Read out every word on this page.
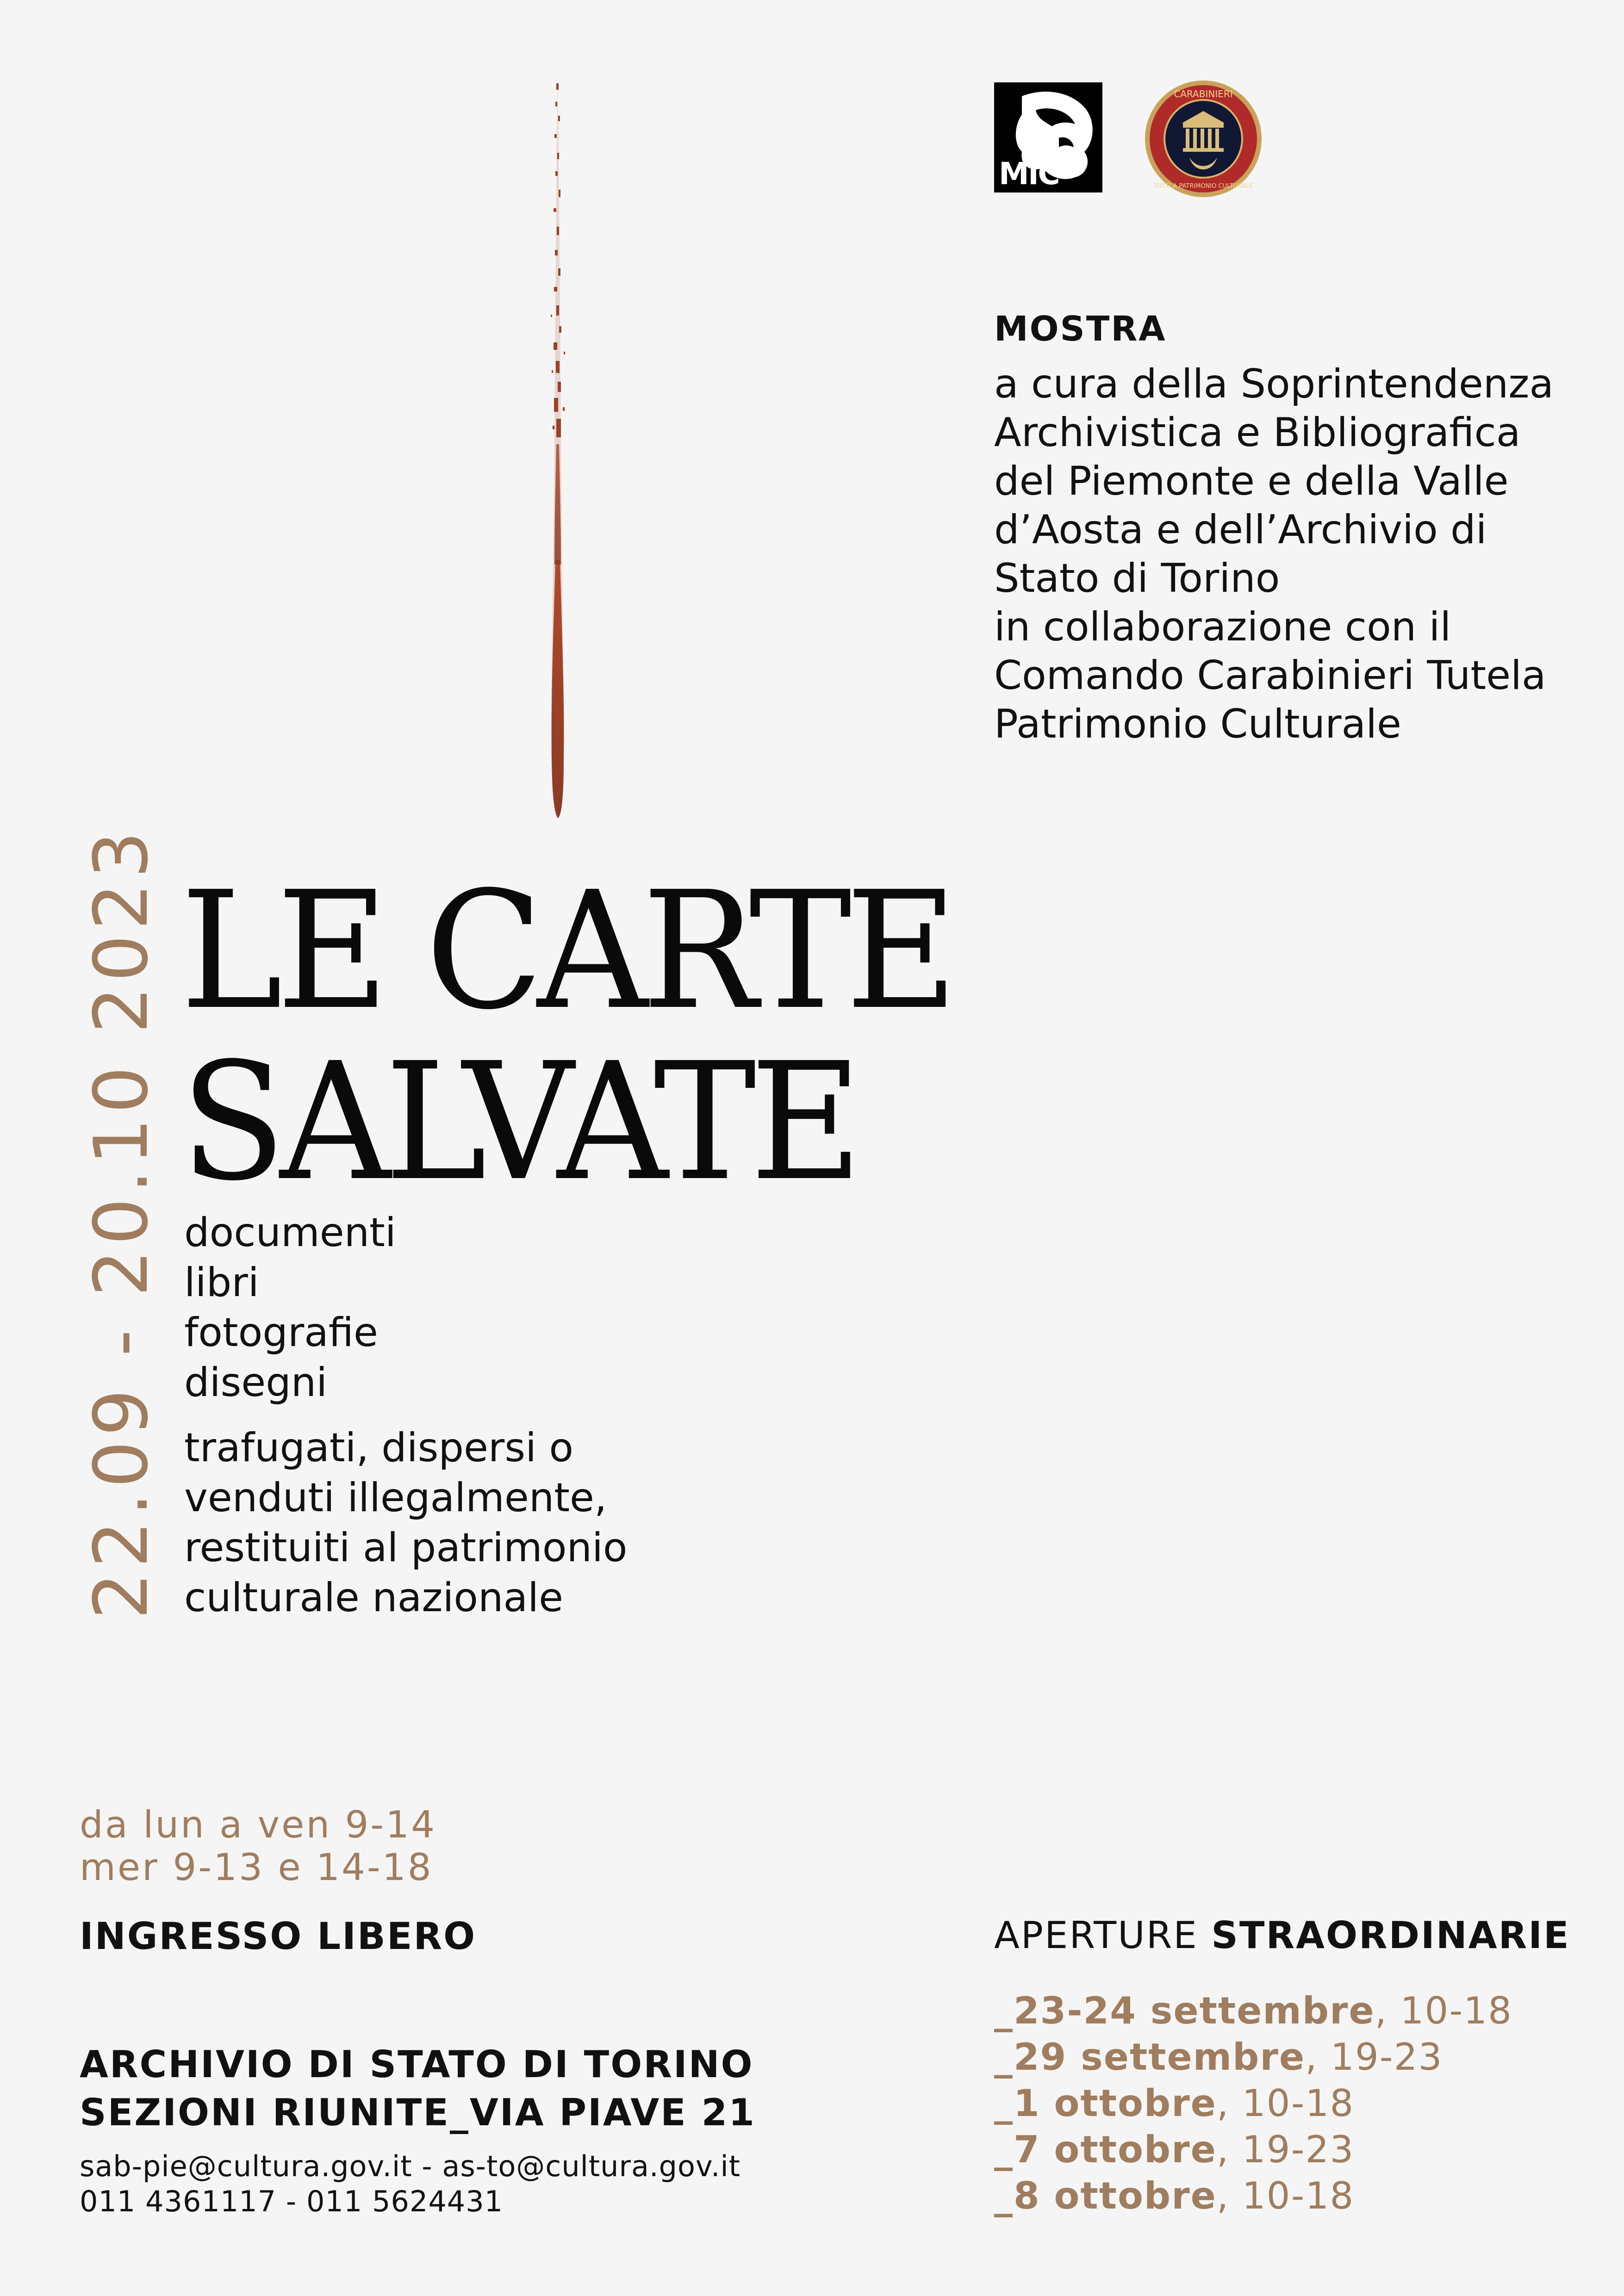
MiC
CARABINIERI
TUTELA PATRIMONIO CULTURALE
MOSTRA
a cura della Soprintendenza
Archivistica e Bibliografica
del Piemonte e della Valle
d’Aosta e dell’Archivio di
Stato di Torino
in collaborazione con il
Comando Carabinieri Tutela
Patrimonio Culturale
22.09 - 20.10 2023 LE CARTE
SALVATE
documenti
libri
fotografie
disegni
trafugati, dispersi o
venduti illegalmente,
restituiti al patrimonio
culturale nazionale
da lun a ven 9-14
mer 9-13 e 14-18
INGRESSO LIBERO
ARCHIVIO DI STATO DI TORINO
SEZIONI RIUNITE_VIA PIAVE 21
sab-pie@cultura.gov.it - as-to@cultura.gov.it
011 4361117 - 011 5624431
APERTURE STRAORDINARIE
_23-24 settembre, 10-18
_29 settembre, 19-23
_1 ottobre, 10-18
_7 ottobre, 19-23
_8 ottobre, 10-18
